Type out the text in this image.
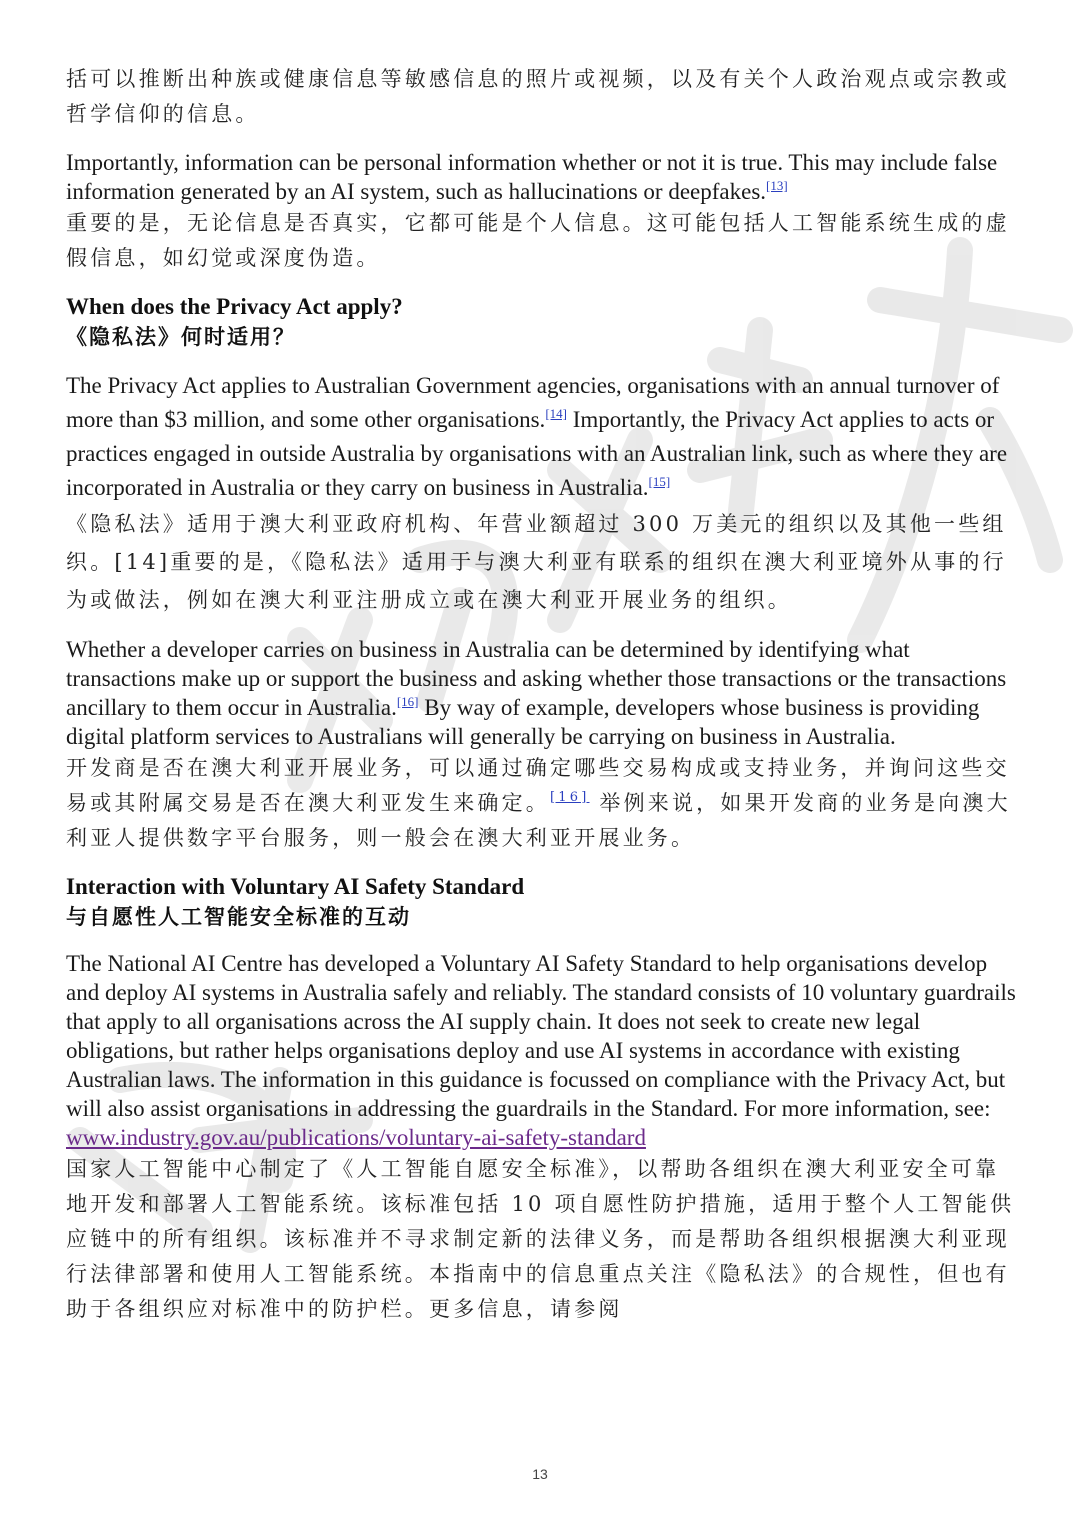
括可以推断出种族或健康信息等敏感信息的照片或视频，以及有关个人政治观点或宗教或哲学信仰的信息。

Importantly, information can be personal information whether or not it is true. This may include false information generated by an AI system, such as hallucinations or deepfakes.[13]

重要的是，无论信息是否真实，它都可能是个人信息。这可能包括人工智能系统生成的虚假信息，如幻觉或深度伪造。

When does the Privacy Act apply?
《隐私法》何时适用？

The Privacy Act applies to Australian Government agencies, organisations with an annual turnover of more than $3 million, and some other organisations.[14] Importantly, the Privacy Act applies to acts or practices engaged in outside Australia by organisations with an Australian link, such as where they are incorporated in Australia or they carry on business in Australia.[15]

《隐私法》适用于澳大利亚政府机构、年营业额超过 300 万美元的组织以及其他一些组织。[14]重要的是，《隐私法》适用于与澳大利亚有联系的组织在澳大利亚境外从事的行为或做法，例如在澳大利亚注册成立或在澳大利亚开展业务的组织。

Whether a developer carries on business in Australia can be determined by identifying what transactions make up or support the business and asking whether those transactions or the transactions ancillary to them occur in Australia.[16] By way of example, developers whose business is providing digital platform services to Australians will generally be carrying on business in Australia.

开发商是否在澳大利亚开展业务，可以通过确定哪些交易构成或支持业务，并询问这些交易或其附属交易是否在澳大利亚发生来确定。[16] 举例来说，如果开发商的业务是向澳大利亚人提供数字平台服务，则一般会在澳大利亚开展业务。

Interaction with Voluntary AI Safety Standard
与自愿性人工智能安全标准的互动

The National AI Centre has developed a Voluntary AI Safety Standard to help organisations develop and deploy AI systems in Australia safely and reliably. The standard consists of 10 voluntary guardrails that apply to all organisations across the AI supply chain. It does not seek to create new legal obligations, but rather helps organisations deploy and use AI systems in accordance with existing Australian laws. The information in this guidance is focussed on compliance with the Privacy Act, but will also assist organisations in addressing the guardrails in the Standard. For more information, see:
www.industry.gov.au/publications/voluntary-ai-safety-standard

国家人工智能中心制定了《人工智能自愿安全标准》，以帮助各组织在澳大利亚安全可靠地开发和部署人工智能系统。该标准包括 10 项自愿性防护措施，适用于整个人工智能供应链中的所有组织。该标准并不寻求制定新的法律义务，而是帮助各组织根据澳大利亚现行法律部署和使用人工智能系统。本指南中的信息重点关注《隐私法》的合规性，但也有助于各组织应对标准中的防护栏。更多信息，请参阅

13
